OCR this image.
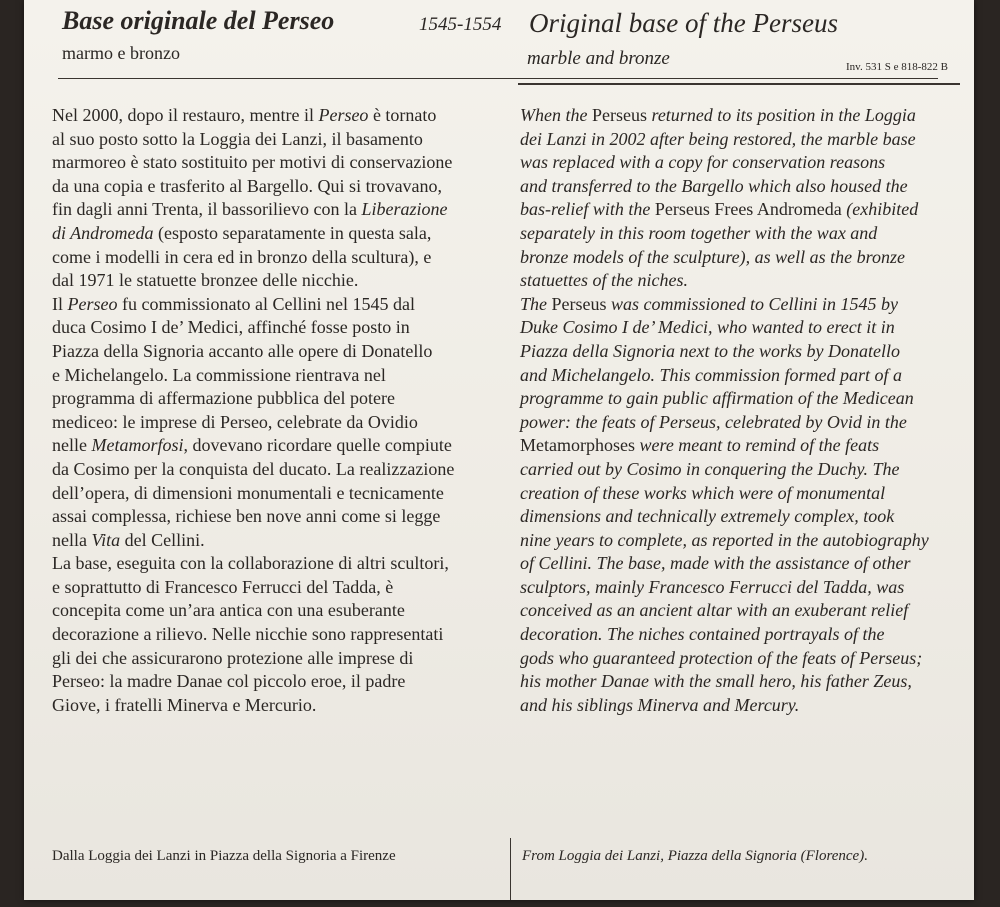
Base originale del Perseo	1545-1554 Original base of the Perseus
marmo e bronzo	marble and bronze	Inv. 531 S e 818-822 B
Nel 2000, dopo il restauro, mentre il Perseo è tornato
al suo posto sotto la Loggia dei Lanzi, il basamento
marmoreo è stato sostituito per motivi di conservazione
da una copia e trasferito al Bargello. Qui si trovavano,
fin dagli anni Trenta, il bassorilievo con la Liberazione
di Andromeda (esposto separatamente in questa sala,
come i modelli in cera ed in bronzo della scultura), e
dal 1971 le statuette bronzee delle nicchie.
Il Perseo fu commissionato al Cellini nel 1545 dal
duca Cosimo I de’ Medici, affinché fosse posto in
Piazza della Signoria accanto alle opere di Donatello
e Michelangelo. La commissione rientrava nel
programma di affermazione pubblica del potere
mediceo: le imprese di Perseo, celebrate da Ovidio
nelle Metamorfosi, dovevano ricordare quelle compiute
da Cosimo per la conquista del ducato. La realizzazione
dell’opera, di dimensioni monumentali e tecnicamente
assai complessa, richiese ben nove anni come si legge
nella Vita del Cellini.
La base, eseguita con la collaborazione di altri scultori,
e soprattutto di Francesco Ferrucci del Tadda, è
concepita come un’ara antica con una esuberante
decorazione a rilievo. Nelle nicchie sono rappresentati
gli dei che assicurarono protezione alle imprese di
Perseo: la madre Danae col piccolo eroe, il padre
Giove, i fratelli Minerva e Mercurio.
When the Perseus returned to its position in the Loggia
dei Lanzi in 2002 after being restored, the marble base
was replaced with a copy for conservation reasons
and transferred to the Bargello which also housed the
bas-relief with the Perseus Frees Andromeda (exhibited
separately in this room together with the wax and
bronze models of the sculpture), as well as the bronze
statuettes of the niches.
The Perseus was commissioned to Cellini in 1545 by
Duke Cosimo I de’ Medici, who wanted to erect it in
Piazza della Signoria next to the works by Donatello
and Michelangelo. This commission formed part of a
programme to gain public affirmation of the Medicean
power: the feats of Perseus, celebrated by Ovid in the
Metamorphoses were meant to remind of the feats
carried out by Cosimo in conquering the Duchy. The
creation of these works which were of monumental
dimensions and technically extremely complex, took
nine years to complete, as reported in the autobiography
of Cellini. The base, made with the assistance of other
sculptors, mainly Francesco Ferrucci del Tadda, was
conceived as an ancient altar with an exuberant relief
decoration. The niches contained portrayals of the
gods who guaranteed protection of the feats of Perseus;
his mother Danae with the small hero, his father Zeus,
and his siblings Minerva and Mercury.
Dalla Loggia dei Lanzi in Piazza della Signoria a Firenze	From Loggia dei Lanzi, Piazza della Signoria (Florence).
